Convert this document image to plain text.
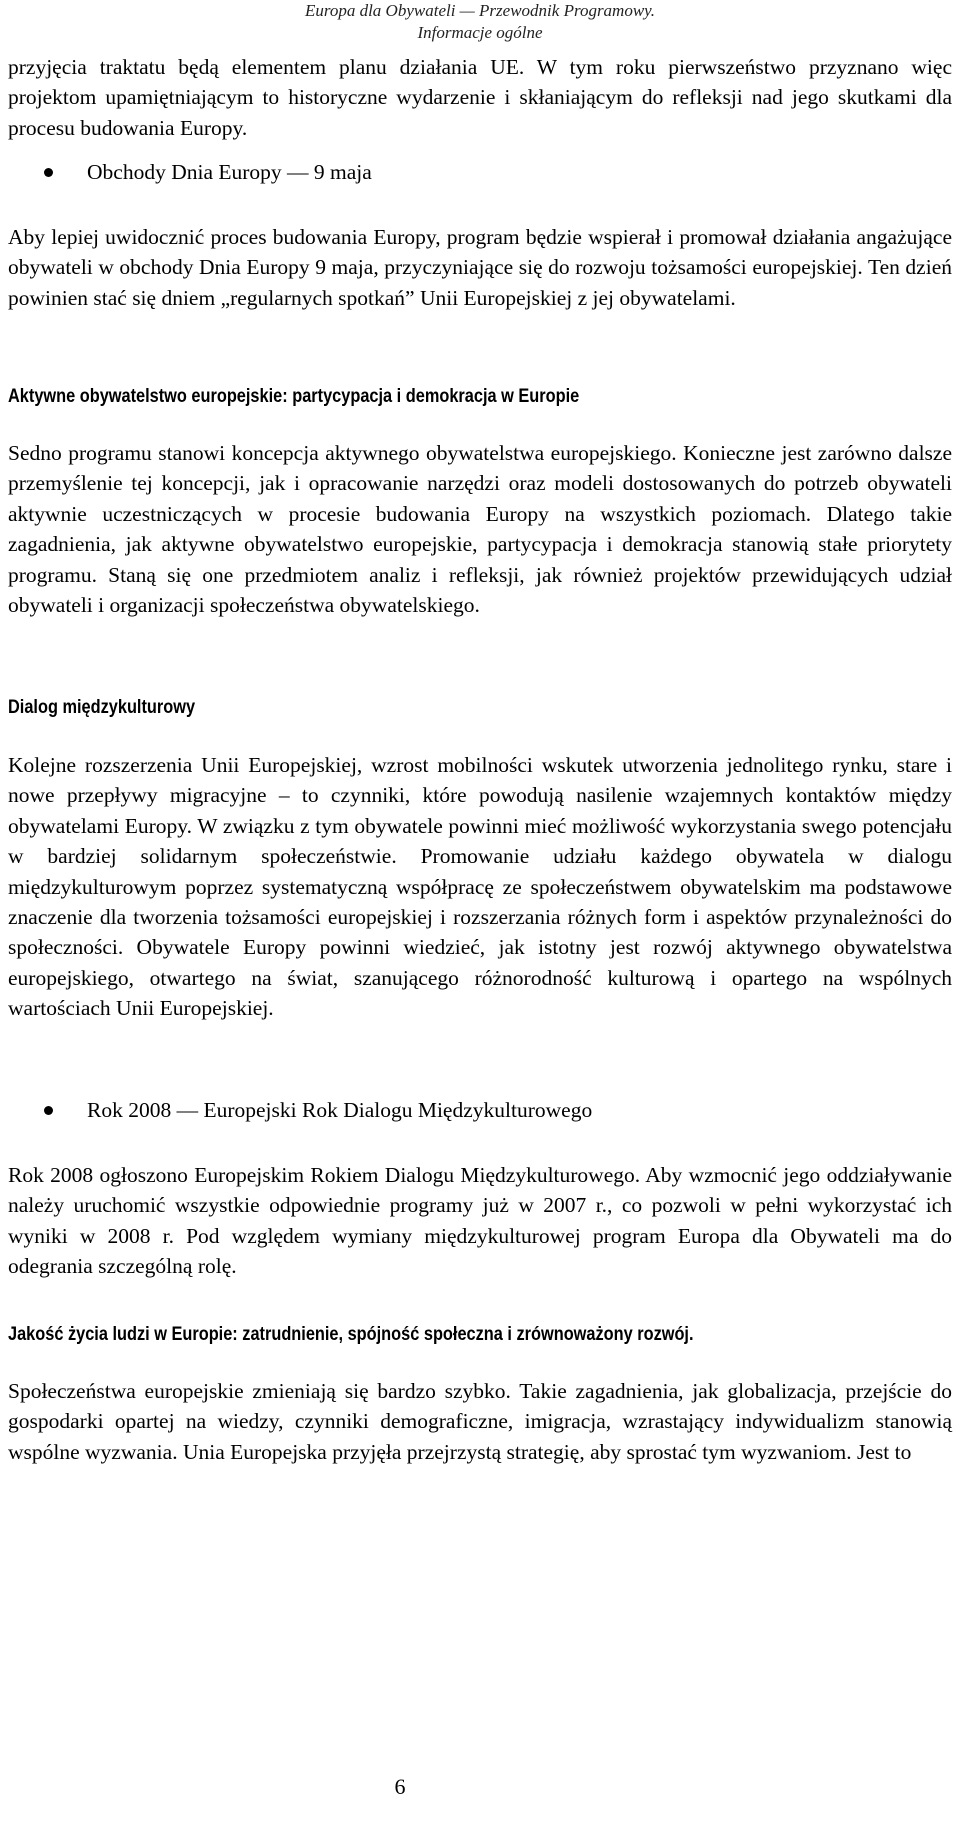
Europa dla Obywateli — Przewodnik Programowy.
Informacje ogólne

przyjęcia traktatu będą elementem planu działania UE. W tym roku pierwszeństwo przyznano więc projektom upamiętniającym to historyczne wydarzenie i skłaniającym do refleksji nad jego skutkami dla procesu budowania Europy.

Obchody Dnia Europy — 9 maja

Aby lepiej uwidocznić proces budowania Europy, program będzie wspierał i promował działania angażujące obywateli w obchody Dnia Europy 9 maja, przyczyniające się do rozwoju tożsamości europejskiej. Ten dzień powinien stać się dniem „regularnych spotkań” Unii Europejskiej z jej obywatelami.

Aktywne obywatelstwo europejskie: partycypacja i demokracja w Europie

Sedno programu stanowi koncepcja aktywnego obywatelstwa europejskiego. Konieczne jest zarówno dalsze przemyślenie tej koncepcji, jak i opracowanie narzędzi oraz modeli dostosowanych do potrzeb obywateli aktywnie uczestniczących w procesie budowania Europy na wszystkich poziomach. Dlatego takie zagadnienia, jak aktywne obywatelstwo europejskie, partycypacja i demokracja stanowią stałe priorytety programu. Staną się one przedmiotem analiz i refleksji, jak również projektów przewidujących udział obywateli i organizacji społeczeństwa obywatelskiego.

Dialog międzykulturowy

Kolejne rozszerzenia Unii Europejskiej, wzrost mobilności wskutek utworzenia jednolitego rynku, stare i nowe przepływy migracyjne – to czynniki, które powodują nasilenie wzajemnych kontaktów między obywatelami Europy. W związku z tym obywatele powinni mieć możliwość wykorzystania swego potencjału w bardziej solidarnym społeczeństwie. Promowanie udziału każdego obywatela w dialogu międzykulturowym poprzez systematyczną współpracę ze społeczeństwem obywatelskim ma podstawowe znaczenie dla tworzenia tożsamości europejskiej i rozszerzania różnych form i aspektów przynależności do społeczności. Obywatele Europy powinni wiedzieć, jak istotny jest rozwój aktywnego obywatelstwa europejskiego, otwartego na świat, szanującego różnorodność kulturową i opartego na wspólnych wartościach Unii Europejskiej.

Rok 2008 — Europejski Rok Dialogu Międzykulturowego

Rok 2008 ogłoszono Europejskim Rokiem Dialogu Międzykulturowego. Aby wzmocnić jego oddziaływanie należy uruchomić wszystkie odpowiednie programy już w 2007 r., co pozwoli w pełni wykorzystać ich wyniki w 2008 r. Pod względem wymiany międzykulturowej program Europa dla Obywateli ma do odegrania szczególną rolę.

Jakość życia ludzi w Europie: zatrudnienie, spójność społeczna i zrównoważony rozwój.

Społeczeństwa europejskie zmieniają się bardzo szybko. Takie zagadnienia, jak globalizacja, przejście do gospodarki opartej na wiedzy, czynniki demograficzne, imigracja, wzrastający indywidualizm stanowią wspólne wyzwania. Unia Europejska przyjęła przejrzystą strategię, aby sprostać tym wyzwaniom. Jest to

6
